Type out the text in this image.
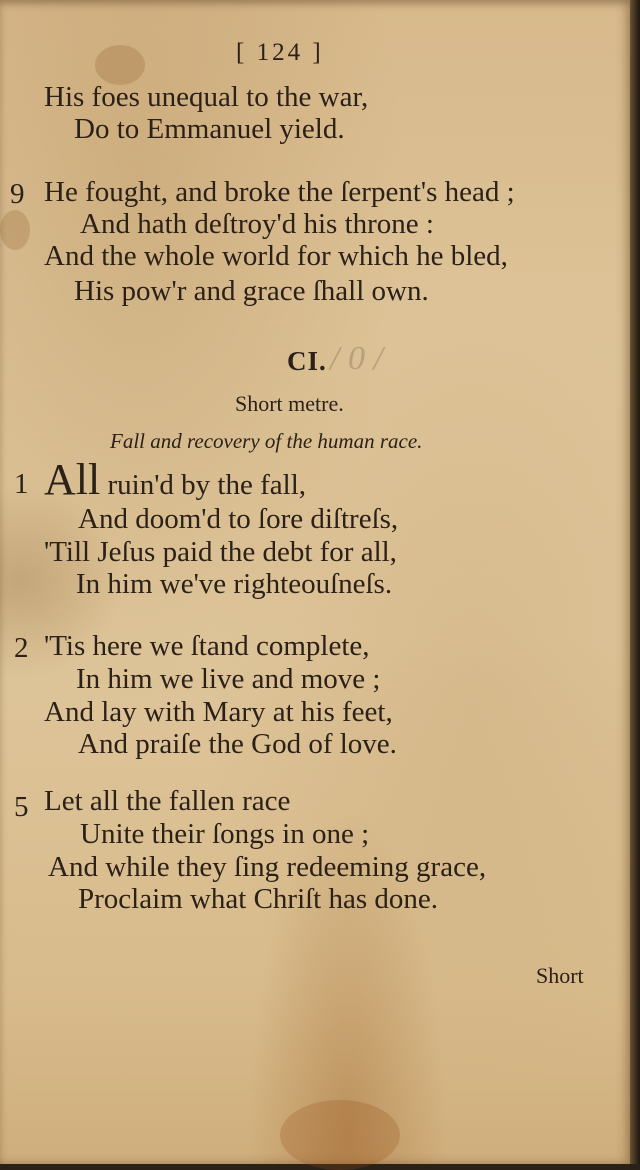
[ 124 ]
His foes unequal to the war,
Do to Emmanuel yield.
9 He fought, and broke the ſerpent's head ;
And hath deſtroy'd his throne :
And the whole world for which he bled,
His pow'r and grace ſhall own.
CI. / 0 /
Short metre.
Fall and recovery of the human race.
1 All ruin'd by the fall,
And doom'd to ſore diſtreſs,
'Till Jeſus paid the debt for all,
In him we've righteouſneſs.
2 'Tis here we ſtand complete,
In him we live and move ;
And lay with Mary at his feet,
And praiſe the God of love.
5 Let all the fallen race
Unite their ſongs in one ;
And while they ſing redeeming grace,
Proclaim what Chriſt has done.
Short
